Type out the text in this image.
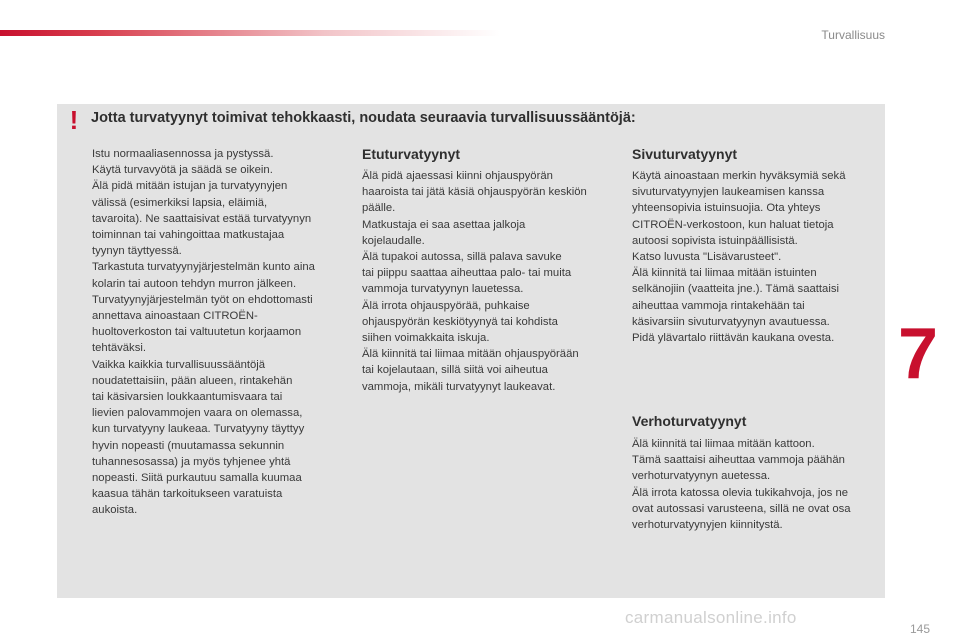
Turvallisuus
7
! Jotta turvatyynyt toimivat tehokkaasti, noudata seuraavia turvallisuussääntöjä:
Istu normaaliasennossa ja pystyssä.
Käytä turvavyötä ja säädä se oikein.
Älä pidä mitään istujan ja turvatyynyjen
välissä (esimerkiksi lapsia, eläimiä,
tavaroita). Ne saattaisivat estää turvatyynyn
toiminnan tai vahingoittaa matkustajaa
tyynyn täyttyessä.
Tarkastuta turvatyynyjärjestelmän kunto aina
kolarin tai autoon tehdyn murron jälkeen.
Turvatyynyjärjestelmän työt on ehdottomasti
annettava ainoastaan CITROËN-
huoltoverkoston tai valtuutetun korjaamon
tehtäväksi.
Vaikka kaikkia turvallisuussääntöjä
noudatettaisiin, pään alueen, rintakehän
tai käsivarsien loukkaantumisvaara tai
lievien palovammojen vaara on olemassa,
kun turvatyyny laukeaa. Turvatyyny täyttyy
hyvin nopeasti (muutamassa sekunnin
tuhannesosassa) ja myös tyhjenee yhtä
nopeasti. Siitä purkautuu samalla kuumaa
kaasua tähän tarkoitukseen varatuista
aukoista.
Etuturvatyynyt
Älä pidä ajaessasi kiinni ohjauspyörän
haaroista tai jätä käsiä ohjauspyörän keskiön
päälle.
Matkustaja ei saa asettaa jalkoja
kojelaudalle.
Älä tupakoi autossa, sillä palava savuke
tai piippu saattaa aiheuttaa palo- tai muita
vammoja turvatyynyn lauetessa.
Älä irrota ohjauspyörää, puhkaise
ohjauspyörän keskiötyynyä tai kohdista
siihen voimakkaita iskuja.
Älä kiinnitä tai liimaa mitään ohjauspyörään
tai kojelautaan, sillä siitä voi aiheutua
vammoja, mikäli turvatyynyt laukeavat.
Sivuturvatyynyt
Käytä ainoastaan merkin hyväksymiä sekä
sivuturvatyynyjen laukeamisen kanssa
yhteensopivia istuinsuojia. Ota yhteys
CITROËN-verkostoon, kun haluat tietoja
autoosi sopivista istuinpäällisistä.
Katso luvusta "Lisävarusteet".
Älä kiinnitä tai liimaa mitään istuinten
selkänojiin (vaatteita jne.). Tämä saattaisi
aiheuttaa vammoja rintakehään tai
käsivarsiin sivuturvatyynyn avautuessa.
Pidä ylävartalo riittävän kaukana ovesta.
Verhoturvatyynyt
Älä kiinnitä tai liimaa mitään kattoon.
Tämä saattaisi aiheuttaa vammoja päähän
verhoturvatyynyn auetessa.
Älä irrota katossa olevia tukikahvoja, jos ne
ovat autossasi varusteena, sillä ne ovat osa
verhoturvatyynyjen kiinnitystä.
carmanualsonline.info
145
